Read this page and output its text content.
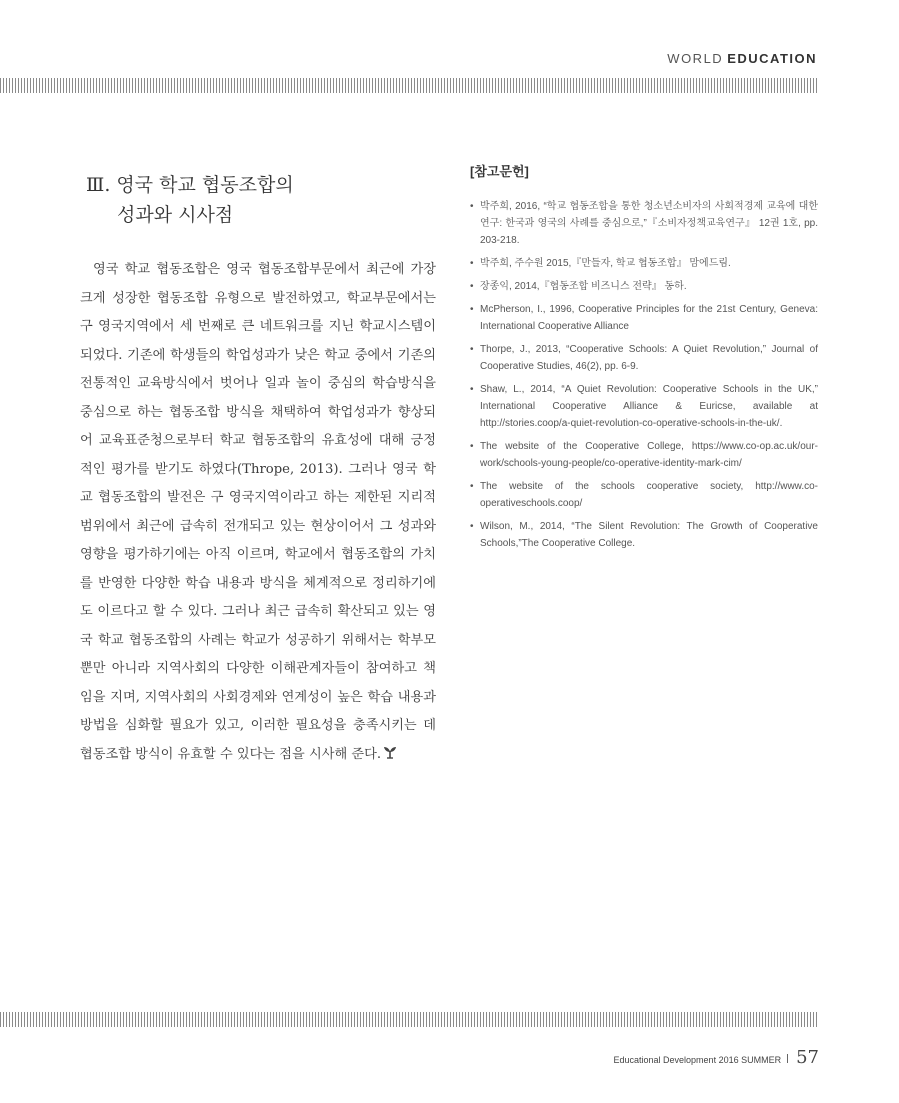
WORLD EDUCATION
Ⅲ. 영국 학교 협동조합의
성과와 시사점
영국 학교 협동조합은 영국 협동조합부문에서 최근에 가장 크게 성장한 협동조합 유형으로 발전하였고, 학교부문에서는 구 영국지역에서 세 번째로 큰 네트워크를 지닌 학교시스템이 되었다. 기존에 학생들의 학업성과가 낮은 학교 중에서 기존의 전통적인 교육방식에서 벗어나 일과 놀이 중심의 학습방식을 중심으로 하는 협동조합 방식을 채택하여 학업성과가 향상되어 교육표준청으로부터 학교 협동조합의 유효성에 대해 긍정적인 평가를 받기도 하였다(Thrope, 2013). 그러나 영국 학교 협동조합의 발전은 구 영국지역이라고 하는 제한된 지리적 범위에서 최근에 급속히 전개되고 있는 현상이어서 그 성과와 영향을 평가하기에는 아직 이르며, 학교에서 협동조합의 가치를 반영한 다양한 학습 내용과 방식을 체계적으로 정리하기에도 이르다고 할 수 있다. 그러나 최근 급속히 확산되고 있는 영국 학교 협동조합의 사례는 학교가 성공하기 위해서는 학부모뿐만 아니라 지역사회의 다양한 이해관계자들이 참여하고 책임을 지며, 지역사회의 사회경제와 연계성이 높은 학습 내용과 방법을 심화할 필요가 있고, 이러한 필요성을 충족시키는 데 협동조합 방식이 유효할 수 있다는 점을 시사해 준다.
[참고문헌]
• 박주희, 2016, “학교 협동조합을 통한 청소년소비자의 사회적경제 교육에 대한 연구: 한국과 영국의 사례를 중심으로,”『소비자정책교육연구』 12권 1호, pp. 203-218.
• 박주희, 주수원 2015,『만들자, 학교 협동조합』 맘에드림.
• 장종익, 2014,『협동조합 비즈니스 전략』 동하.
• McPherson, I., 1996, Cooperative Principles for the 21st Century, Geneva: International Cooperative Alliance
• Thorpe, J., 2013, “Cooperative Schools: A Quiet Revolution,” Journal of Cooperative Studies, 46(2), pp. 6-9.
• Shaw, L., 2014, “A Quiet Revolution: Cooperative Schools in the UK,” International Cooperative Alliance & Euricse, available at http://stories.coop/a-quiet-revolution-co-operative-schools-in-the-uk/.
• The website of the Cooperative College, https://www.co-op.ac.uk/our-work/schools-young-people/co-operative-identity-mark-cim/
• The website of the schools cooperative society, http://www.co-operativeschools.coop/
• Wilson, M., 2014, “The Silent Revolution: The Growth of Cooperative Schools,”The Cooperative College.
Educational Development 2016 SUMMER 57
